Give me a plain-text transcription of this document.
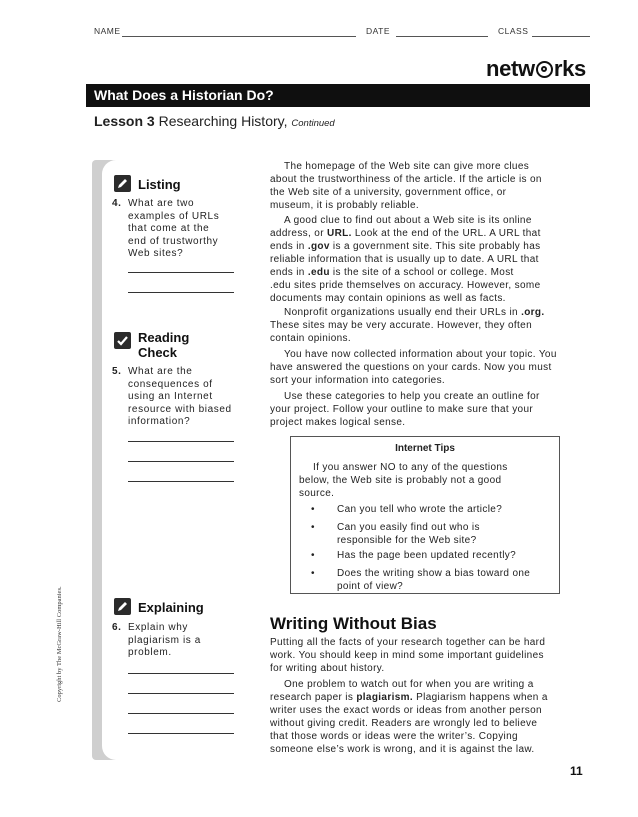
NAME	DATE	CLASS
netw rks
What Does a Historian Do?
Lesson 3 Researching History, Continued
Listing
4. What are two
examples of URLs
that come at the
end of trustworthy
Web sites?
Reading
Check
5. What are the
consequences of
using an Internet
resource with biased
information?
Explaining
6. Explain why
plagiarism is a
problem.
Copyright by The McGraw-Hill Companies.
The homepage of the Web site can give more clues
about the trustworthiness of the article. If the article is on
the Web site of a university, government office, or
museum, it is probably reliable.
A good clue to find out about a Web site is its online
address, or URL. Look at the end of the URL. A URL that
ends in .gov is a government site. This site probably has
reliable information that is usually up to date. A URL that
ends in .edu is the site of a school or college. Most
.edu sites pride themselves on accuracy. However, some
documents may contain opinions as well as facts.
Nonprofit organizations usually end their URLs in .org.
These sites may be very accurate. However, they often
contain opinions.
You have now collected information about your topic. You
have answered the questions on your cards. Now you must
sort your information into categories.
Use these categories to help you create an outline for
your project. Follow your outline to make sure that your
project makes logical sense.
Internet Tips
If you answer NO to any of the questions
below, the Web site is probably not a good
source.
• Can you tell who wrote the article?
• Can you easily find out who is
responsible for the Web site?
• Has the page been updated recently?
• Does the writing show a bias toward one
point of view?
Writing Without Bias
Putting all the facts of your research together can be hard
work. You should keep in mind some important guidelines
for writing about history.
One problem to watch out for when you are writing a
research paper is plagiarism. Plagiarism happens when a
writer uses the exact words or ideas from another person
without giving credit. Readers are wrongly led to believe
that those words or ideas were the writer’s. Copying
someone else’s work is wrong, and it is against the law.
11
